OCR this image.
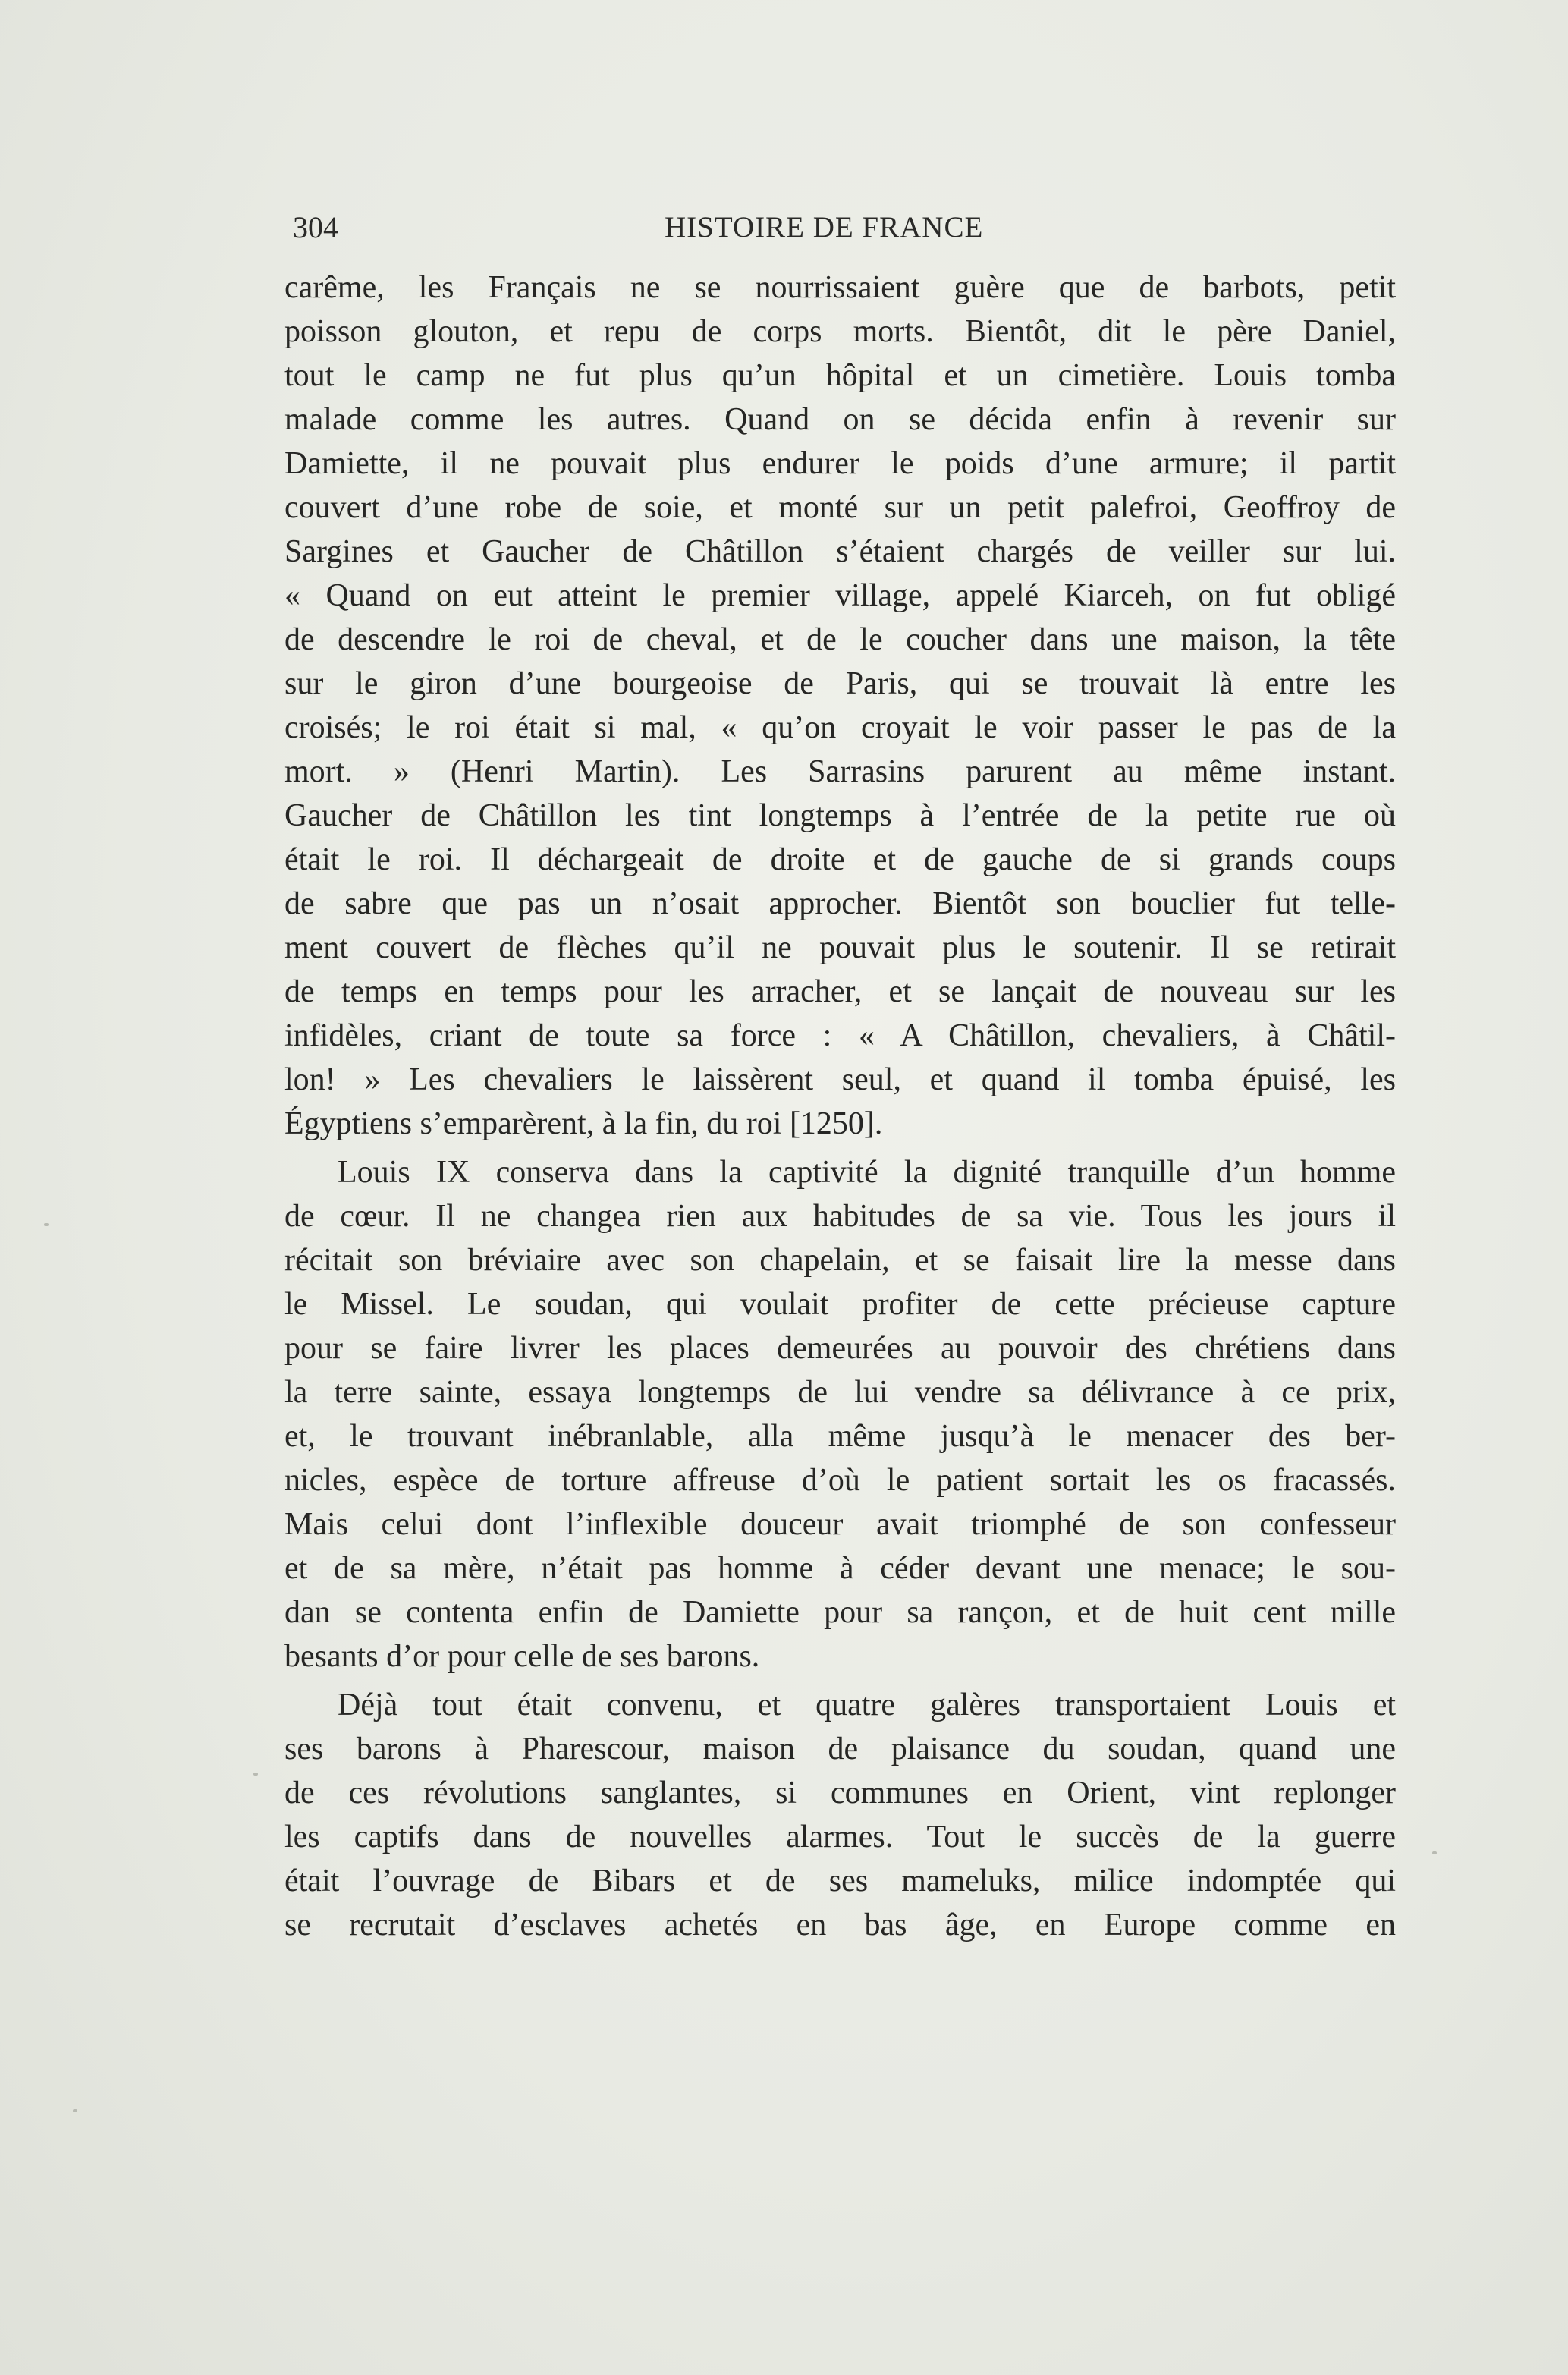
304	HISTOIRE DE FRANCE
carême, les Français ne se nourrissaient guère que de barbots, petit
poisson glouton, et repu de corps morts. Bientôt, dit le père Daniel,
tout le camp ne fut plus qu’un hôpital et un cimetière. Louis tomba
malade comme les autres. Quand on se décida enfin à revenir sur
Damiette, il ne pouvait plus endurer le poids d’une armure; il partit
couvert d’une robe de soie, et monté sur un petit palefroi, Geoffroy de
Sargines et Gaucher de Châtillon s’étaient chargés de veiller sur lui.
« Quand on eut atteint le premier village, appelé Kiarceh, on fut obligé
de descendre le roi de cheval, et de le coucher dans une maison, la tête
sur le giron d’une bourgeoise de Paris, qui se trouvait là entre les
croisés; le roi était si mal, « qu’on croyait le voir passer le pas de la
mort. » (Henri Martin). Les Sarrasins parurent au même instant.
Gaucher de Châtillon les tint longtemps à l’entrée de la petite rue où
était le roi. Il déchargeait de droite et de gauche de si grands coups
de sabre que pas un n’osait approcher. Bientôt son bouclier fut telle-
ment couvert de flèches qu’il ne pouvait plus le soutenir. Il se retirait
de temps en temps pour les arracher, et se lançait de nouveau sur les
infidèles, criant de toute sa force : « A Châtillon, chevaliers, à Châtil-
lon! » Les chevaliers le laissèrent seul, et quand il tomba épuisé, les
Égyptiens s’emparèrent, à la fin, du roi [1250].
Louis IX conserva dans la captivité la dignité tranquille d’un homme
de cœur. Il ne changea rien aux habitudes de sa vie. Tous les jours il
récitait son bréviaire avec son chapelain, et se faisait lire la messe dans
le Missel. Le soudan, qui voulait profiter de cette précieuse capture
pour se faire livrer les places demeurées au pouvoir des chrétiens dans
la terre sainte, essaya longtemps de lui vendre sa délivrance à ce prix,
et, le trouvant inébranlable, alla même jusqu’à le menacer des ber-
nicles, espèce de torture affreuse d’où le patient sortait les os fracassés.
Mais celui dont l’inflexible douceur avait triomphé de son confesseur
et de sa mère, n’était pas homme à céder devant une menace; le sou-
dan se contenta enfin de Damiette pour sa rançon, et de huit cent mille
besants d’or pour celle de ses barons.
Déjà tout était convenu, et quatre galères transportaient Louis et
ses barons à Pharescour, maison de plaisance du soudan, quand une
de ces révolutions sanglantes, si communes en Orient, vint replonger
les captifs dans de nouvelles alarmes. Tout le succès de la guerre
était l’ouvrage de Bibars et de ses mameluks, milice indomptée qui
se recrutait d’esclaves achetés en bas âge, en Europe comme en
